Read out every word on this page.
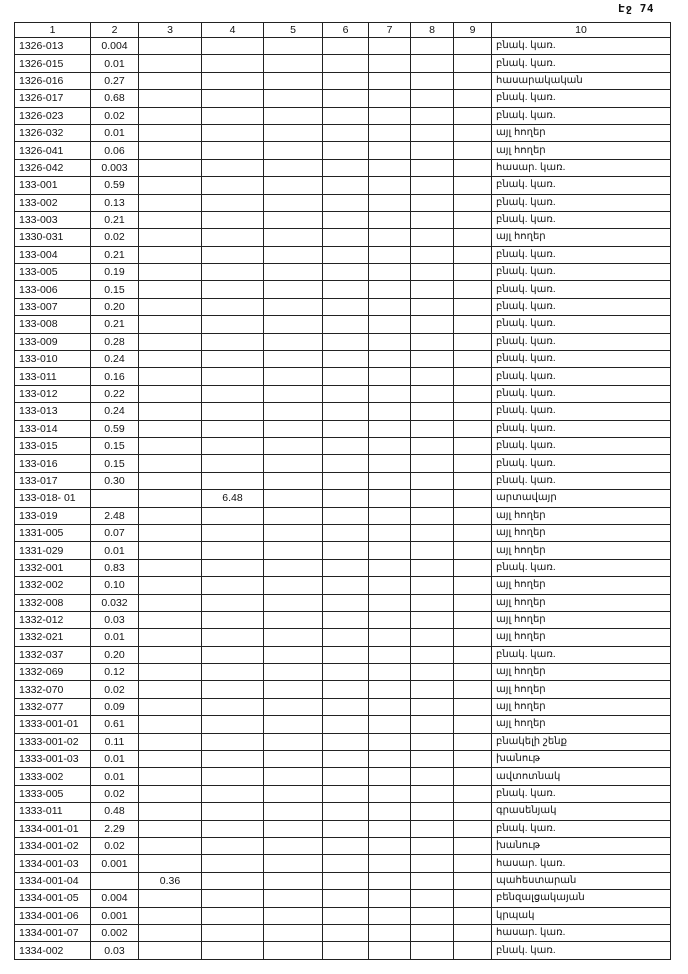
Էջ 74
1	2	3	4	5	6	7	8	9	10
1326-013	0.004								բնակ. կառ.
1326-015	0.01								բնակ. կառ.
1326-016	0.27								հասարակական
1326-017	0.68								բնակ. կառ.
1326-023	0.02								բնակ. կառ.
1326-032	0.01								այլ հողեր
1326-041	0.06								այլ հողեր
1326-042	0.003								հասար. կառ.
133-001	0.59								բնակ. կառ.
133-002	0.13								բնակ. կառ.
133-003	0.21								բնակ. կառ.
1330-031	0.02								այլ հողեր
133-004	0.21								բնակ. կառ.
133-005	0.19								բնակ. կառ.
133-006	0.15								բնակ. կառ.
133-007	0.20								բնակ. կառ.
133-008	0.21								բնակ. կառ.
133-009	0.28								բնակ. կառ.
133-010	0.24								բնակ. կառ.
133-011	0.16								բնակ. կառ.
133-012	0.22								բնակ. կառ.
133-013	0.24								բնակ. կառ.
133-014	0.59								բնակ. կառ.
133-015	0.15								բնակ. կառ.
133-016	0.15								բնակ. կառ.
133-017	0.30								բնակ. կառ.
133-018- 01			6.48						արտավայր
133-019	2.48								այլ հողեր
1331-005	0.07								այլ հողեր
1331-029	0.01								այլ հողեր
1332-001	0.83								բնակ. կառ.
1332-002	0.10								այլ հողեր
1332-008	0.032								այլ հողեր
1332-012	0.03								այլ հողեր
1332-021	0.01								այլ հողեր
1332-037	0.20								բնակ. կառ.
1332-069	0.12								այլ հողեր
1332-070	0.02								այլ հողեր
1332-077	0.09								այլ հողեր
1333-001-01	0.61								այլ հողեր
1333-001-02	0.11								բնակելի շենք
1333-001-03	0.01								խանութ
1333-002	0.01								ավտոտնակ
1333-005	0.02								բնակ. կառ.
1333-011	0.48								գրասենյակ
1334-001-01	2.29								բնակ. կառ.
1334-001-02	0.02								խանութ
1334-001-03	0.001								հասար. կառ.
1334-001-04		0.36							պահեստարան
1334-001-05	0.004								բենզալցակայան
1334-001-06	0.001								կրպակ
1334-001-07	0.002								հասար. կառ.
1334-002	0.03								բնակ. կառ.
